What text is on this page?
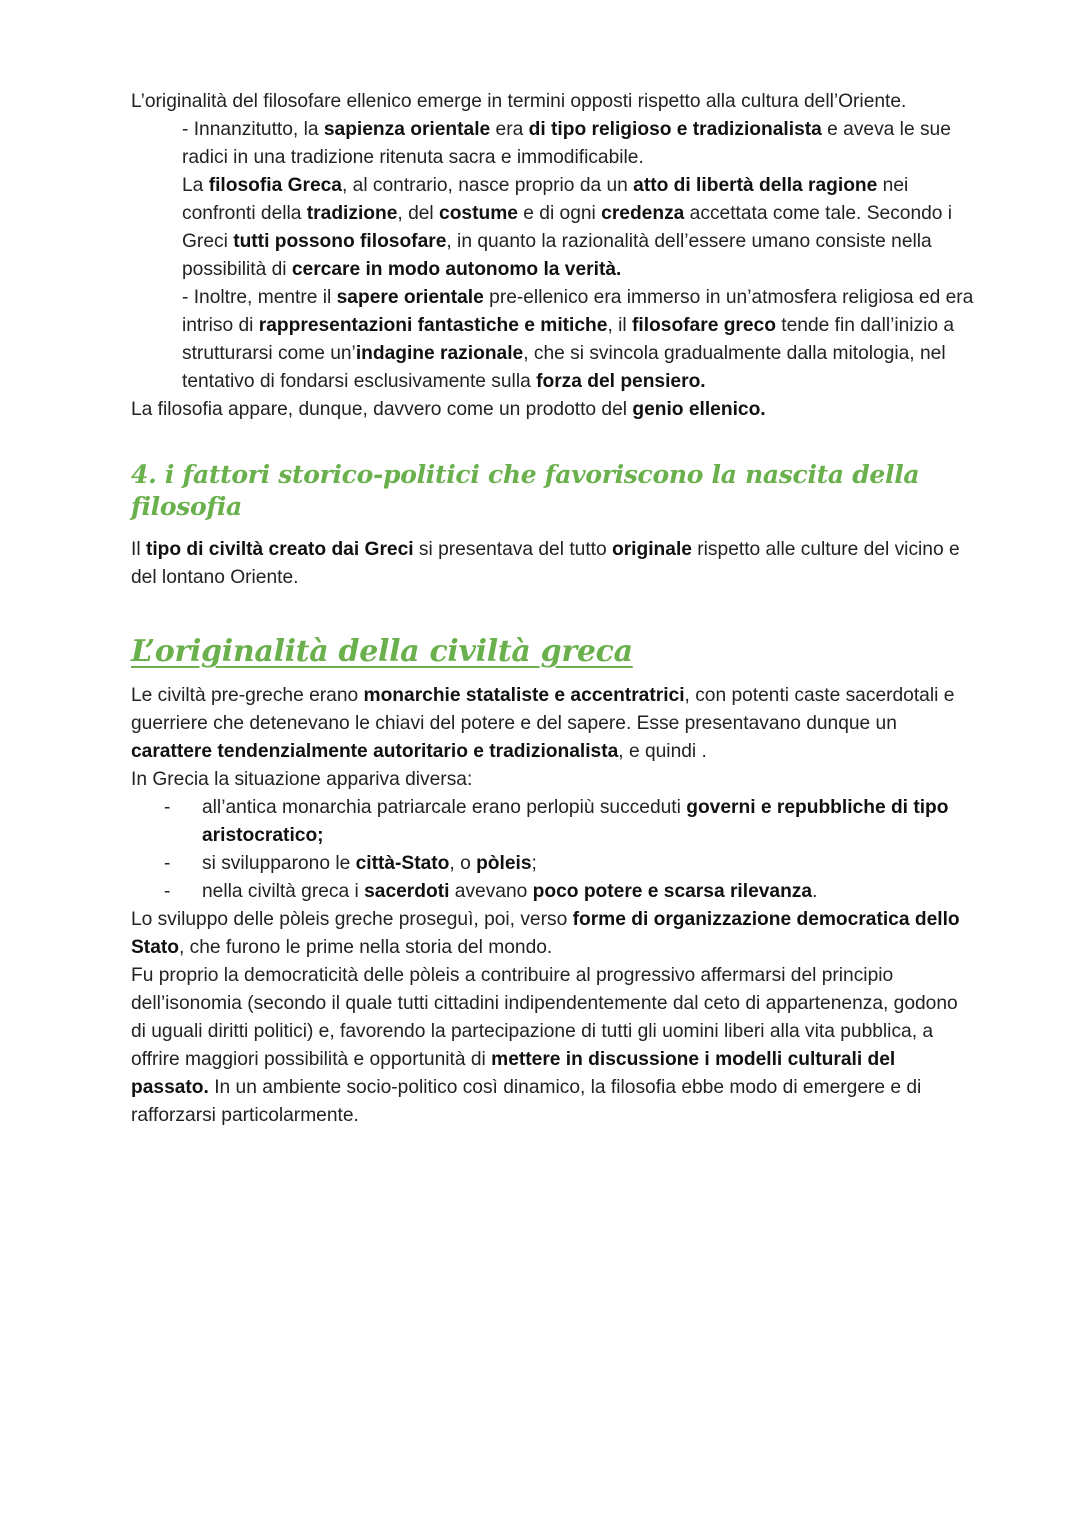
L’originalità del filosofare ellenico emerge in termini opposti rispetto alla cultura dell’Oriente.

- Innanzitutto, la sapienza orientale era di tipo religioso e tradizionalista e aveva le sue radici in una tradizione ritenuta sacra e immodificabile.

La filosofia Greca, al contrario, nasce proprio da un atto di libertà della ragione nei confronti della tradizione, del costume e di ogni credenza accettata come tale. Secondo i Greci tutti possono filosofare, in quanto la razionalità dell’essere umano consiste nella possibilità di cercare in modo autonomo la verità.

- Inoltre, mentre il sapere orientale pre-ellenico era immerso in un’atmosfera religiosa ed era intriso di rappresentazioni fantastiche e mitiche, il filosofare greco tende fin dall’inizio a strutturarsi come un’indagine razionale, che si svincola gradualmente dalla mitologia, nel tentativo di fondarsi esclusivamente sulla forza del pensiero.

La filosofia appare, dunque, davvero come un prodotto del genio ellenico.

4. i fattori storico-politici che favoriscono la nascita della filosofia

Il tipo di civiltà creato dai Greci si presentava del tutto originale rispetto alle culture del vicino e del lontano Oriente.

L’originalità della civiltà greca

Le civiltà pre-greche erano monarchie stataliste e accentratrici, con potenti caste sacerdotali e guerriere che detenevano le chiavi del potere e del sapere. Esse presentavano dunque un carattere tendenzialmente autoritario e tradizionalista, e quindi .

In Grecia la situazione appariva diversa:

- all’antica monarchia patriarcale erano perlopiù succeduti governi e repubbliche di tipo aristocratico;
- si svilupparono le città-Stato, o pòleis;
- nella civiltà greca i sacerdoti avevano poco potere e scarsa rilevanza.

Lo sviluppo delle pòleis greche proseguì, poi, verso forme di organizzazione democratica dello Stato, che furono le prime nella storia del mondo.

Fu proprio la democraticità delle pòleis a contribuire al progressivo affermarsi del principio dell’isonomia (secondo il quale tutti cittadini indipendentemente dal ceto di appartenenza, godono di uguali diritti politici) e, favorendo la partecipazione di tutti gli uomini liberi alla vita pubblica, a offrire maggiori possibilità e opportunità di mettere in discussione i modelli culturali del passato. In un ambiente socio-politico così dinamico, la filosofia ebbe modo di emergere e di rafforzarsi particolarmente.
